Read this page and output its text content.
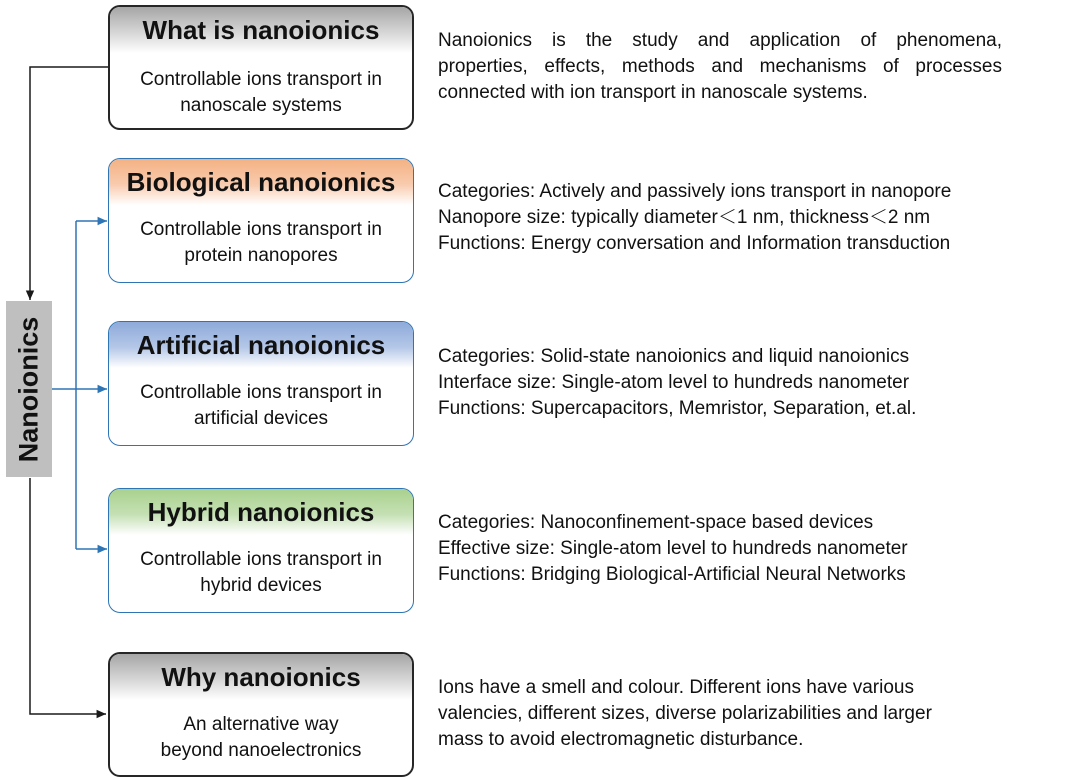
Nanoionics
What is nanoionics
Controllable ions transport in
nanoscale systems
Nanoionics is the study and application of phenomena,
properties, effects, methods and mechanisms of processes
connected with ion transport in nanoscale systems.
Biological nanoionics
Controllable ions transport in
protein nanopores
Categories: Actively and passively ions transport in nanopore
Nanopore size: typically diameter＜1 nm, thickness＜2 nm
Functions: Energy conversation and Information transduction
Artificial nanoionics
Controllable ions transport in
artificial devices
Categories: Solid-state nanoionics and liquid nanoionics
Interface size: Single-atom level to hundreds nanometer
Functions: Supercapacitors, Memristor, Separation, et.al.
Hybrid nanoionics
Controllable ions transport in
hybrid devices
Categories: Nanoconfinement-space based devices
Effective size: Single-atom level to hundreds nanometer
Functions: Bridging Biological-Artificial Neural Networks
Why nanoionics
An alternative way
beyond nanoelectronics
Ions have a smell and colour. Different ions have various
valencies, different sizes, diverse polarizabilities and larger
mass to avoid electromagnetic disturbance.
